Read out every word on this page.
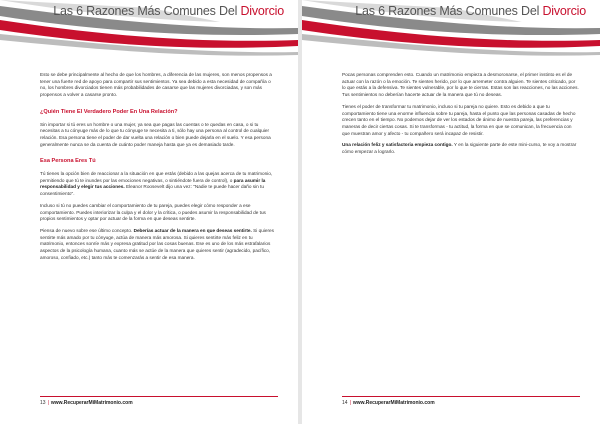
Las 6 Razones Más Comunes Del Divorcio

Esto se debe principalmente al hecho de que los hombres, a diferencia de las mujeres, son menos propensos a tener una fuerte red de apoyo para compartir sus sentimientos. Ya sea debido a esta necesidad de compañía o no, los hombres divorciados tienen más probabilidades de casarse que las mujeres divorciadas, y son más propensos a volver a casarse pronto.

¿Quién Tiene El Verdadero Poder En Una Relación?

Sin importar si tú eres un hombre o una mujer, ya sea que pagas las cuentas o te quedas en casa, o si tu necesitas a tu cónyuge más de lo que tu cónyuge te necesita a ti, sólo hay una persona al control de cualquier relación. Esa persona tiene el poder de dar vuelta una relación o bien puede dejarla en el suelo. Y esa persona generalmente nunca se da cuenta de cuánto poder maneja hasta que ya es demasiado tarde.

Esa Persona Eres Tú

Tú tienes la opción bien de reaccionar a la situación en que estás (debido a las quejas acerca de tu matrimonio, permitiendo que tú te inundes por las emociones negativas, o sintiéndote fuera de control), o para asumir la responsabilidad y elegir tus acciones. Eleanor Roosevelt dijo una vez: "Nadie te puede hacer daño sin tu consentimiento".

Incluso si tú no puedes cambiar el comportamiento de tu pareja, puedes elegir cómo responder a ese comportamiento. Puedes interiorizar la culpa y el dolor y la crítica, o puedes asumir la responsabilidad de tus propios sentimientos y optar por actuar de la forma en que deseas sentirte.

Piensa de nuevo sobre ese último concepto. Deberías actuar de la manera en que deseas sentirte. Si quieres sentirte más amado por tu cónyuge, actúa de manera más amorosa. Si quieres sentirte más feliz en tu matrimonio, entonces sonríe más y expresa gratitud por las cosas buenas. Ese es uno de los más estrafalarios aspectos de la psicología humana, cuanto más se actúe de la manera que quieres sentir (agradecido, pacífico, amoroso, confiado, etc.) tanto más te comenzarás a sentir de esa manera.

13 | www.RecuperarMiMatrimonio.com
Las 6 Razones Más Comunes Del Divorcio

Pocas personas comprenden esto. Cuando un matrimonio empieza a desmoronarse, el primer instinto es el de actuar con la razón o la emoción. Te sientes herido, por lo que arremeter contra alguien. Te sientes criticado, por lo que estás a la defensiva. Te sientes vulnerable, por lo que te cierras. Estas son las reacciones, no las acciones. Tus sentimientos no deberían hacerte actuar de la manera que tú no deseas.

Tienes el poder de transformar tu matrimonio, incluso si tu pareja no quiere. Esto es debido a que tu comportamiento tiene una enorme influencia sobre tu pareja, hasta el punto que las personas casadas de hecho crecen tanto en el tiempo. No podemos dejar de ver los estados de ánimo de nuestra pareja, las preferencias y maneras de decir ciertas cosas. Si te transformas - tu actitud, la forma en que se comunican, la frecuencia con que muestran amor y afecto - tu compañero será incapaz de resistir.

Una relación feliz y satisfactoria empieza contigo. Y en la siguiente parte de este mini-curso, te voy a mostrar cómo empezar a lograrlo.

14 | www.RecuperarMiMatrimonio.com
